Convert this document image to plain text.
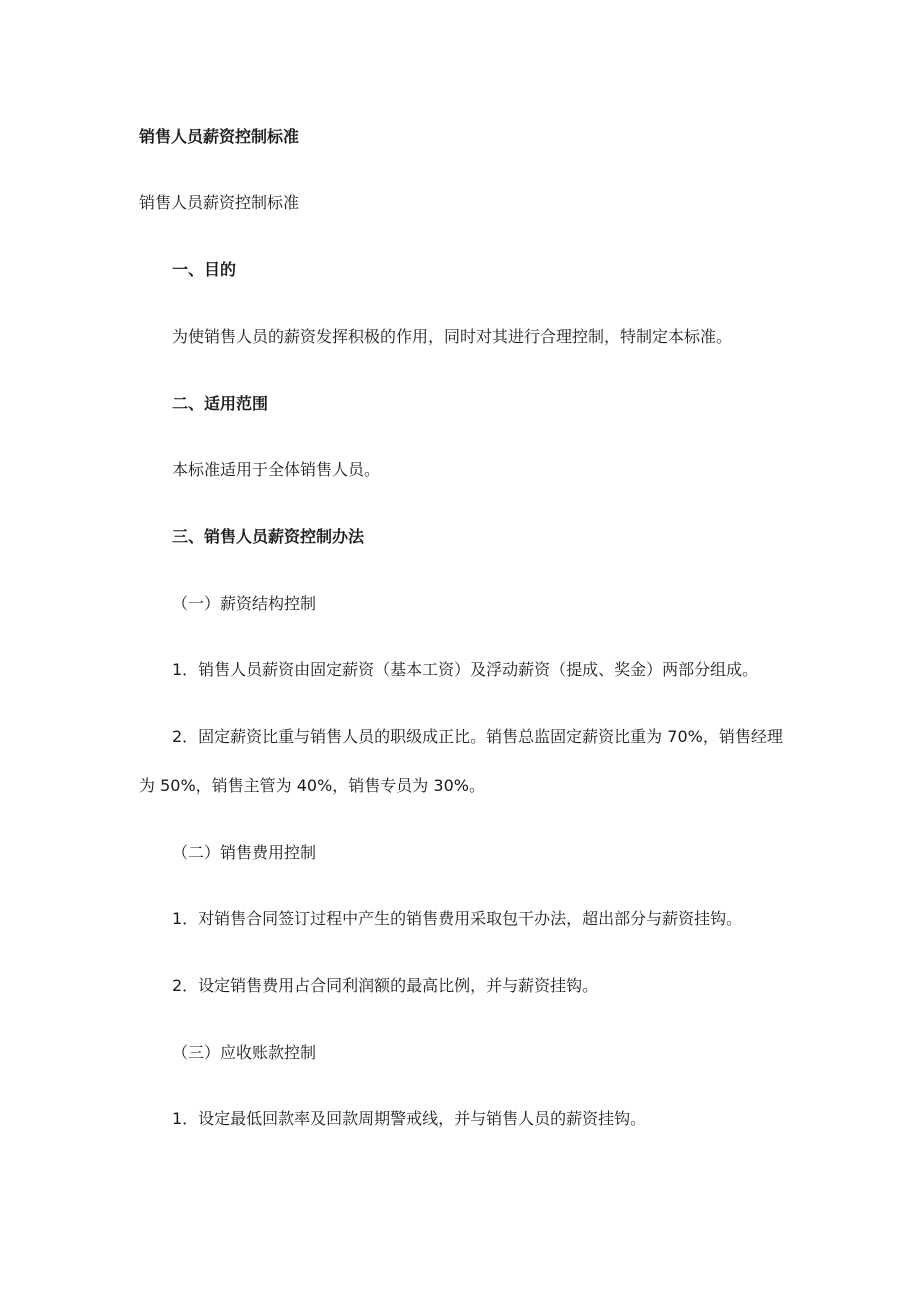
销售人员薪资控制标准
销售人员薪资控制标准
一、目的
为使销售人员的薪资发挥积极的作用，同时对其进行合理控制，特制定本标准。
二、适用范围
本标准适用于全体销售人员。
三、销售人员薪资控制办法
（一）薪资结构控制
1．销售人员薪资由固定薪资（基本工资）及浮动薪资（提成、奖金）两部分组成。
2．固定薪资比重与销售人员的职级成正比。销售总监固定薪资比重为 70%，销售经理
为 50%，销售主管为 40%，销售专员为 30%。
（二）销售费用控制
1．对销售合同签订过程中产生的销售费用采取包干办法，超出部分与薪资挂钩。
2．设定销售费用占合同利润额的最高比例，并与薪资挂钩。
（三）应收账款控制
1．设定最低回款率及回款周期警戒线，并与销售人员的薪资挂钩。
